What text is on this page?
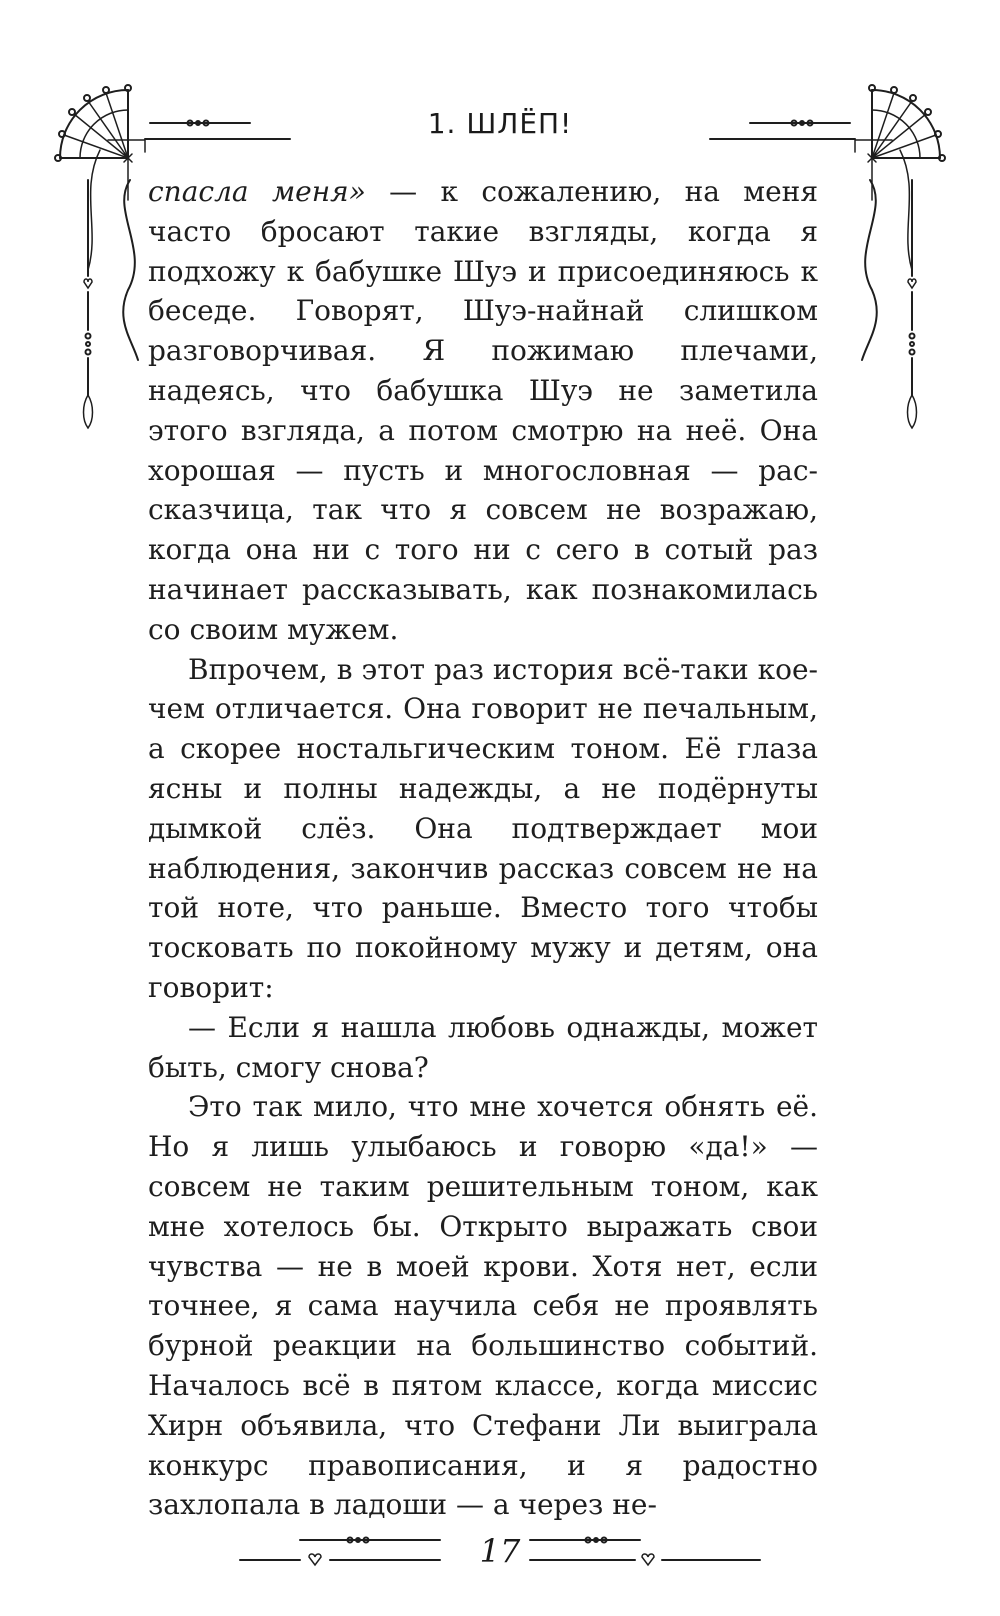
1. ШЛЁП!

спасла меня» — к сожалению, на меня часто бросают такие взгляды, когда я подхожу к бабушке Шуэ и присоединяюсь к беседе. Говорят, Шуэ-найнай слишком разговорчивая. Я пожимаю плечами, надеясь, что бабушка Шуэ не заметила этого взгляда, а потом смотрю на неё. Она хорошая — пусть и многословная — рассказчица, так что я совсем не возражаю, когда она ни с того ни с сего в сотый раз начинает рассказывать, как познакомилась со своим мужем.

Впрочем, в этот раз история всё-таки коечем отличается. Она говорит не печальным, а скорее ностальгическим тоном. Её глаза ясны и полны надежды, а не подёрнуты дымкой слёз. Она подтверждает мои наблюдения, закончив рассказ совсем не на той ноте, что раньше. Вместо того чтобы тосковать по покойному мужу и детям, она говорит:

— Если я нашла любовь однажды, может быть, смогу снова?

Это так мило, что мне хочется обнять её. Но я лишь улыбаюсь и говорю «да!» — совсем не таким решительным тоном, как мне хотелось бы. Открыто выражать свои чувства — не в моей крови. Хотя нет, если точнее, я сама научила себя не проявлять бурной реакции на большинство событий. Началось всё в пятом классе, когда миссис Хирн объявила, что Стефани Ли выиграла конкурс правописания, и я радостно захлопала в ладоши — а через не-

17
